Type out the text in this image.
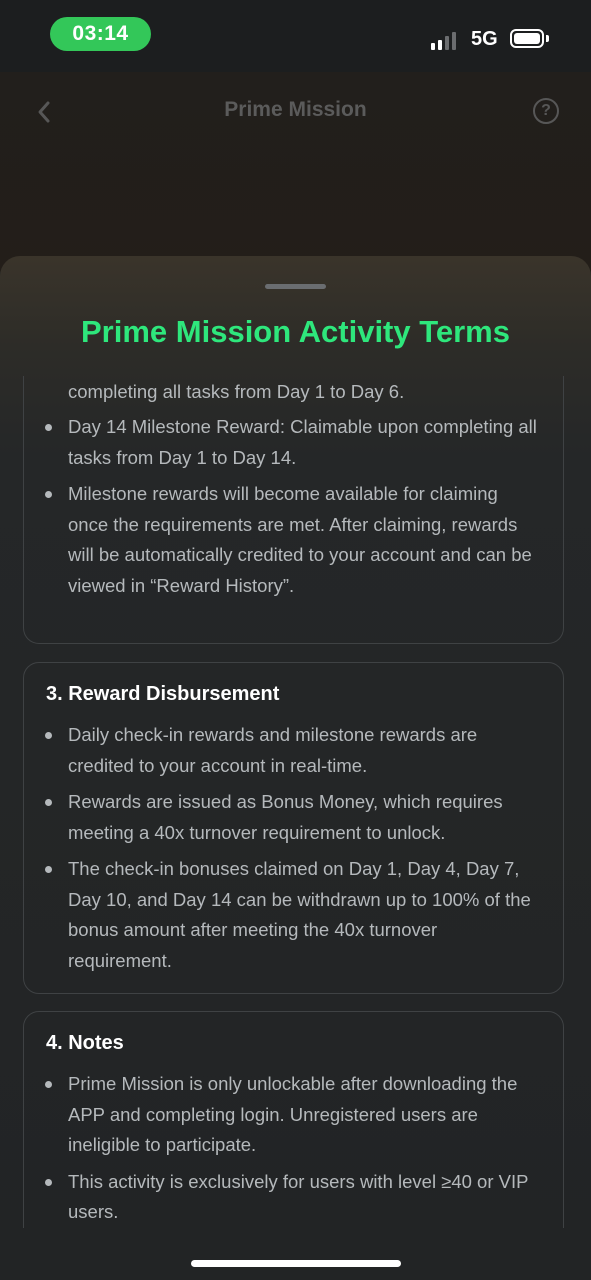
03:14	5G
Prime Mission	?
Prime Mission Activity Terms
completing all tasks from Day 1 to Day 6.
Day 14 Milestone Reward: Claimable upon completing all tasks from Day 1 to Day 14.
Milestone rewards will become available for claiming once the requirements are met. After claiming, rewards will be automatically credited to your account and can be viewed in “Reward History”.
3. Reward Disbursement
Daily check-in rewards and milestone rewards are credited to your account in real-time.
Rewards are issued as Bonus Money, which requires meeting a 40x turnover requirement to unlock.
The check-in bonuses claimed on Day 1, Day 4, Day 7, Day 10, and Day 14 can be withdrawn up to 100% of the bonus amount after meeting the 40x turnover requirement.
4. Notes
Prime Mission is only unlockable after downloading the APP and completing login. Unregistered users are ineligible to participate.
This activity is exclusively for users with level ≥40 or VIP users.
